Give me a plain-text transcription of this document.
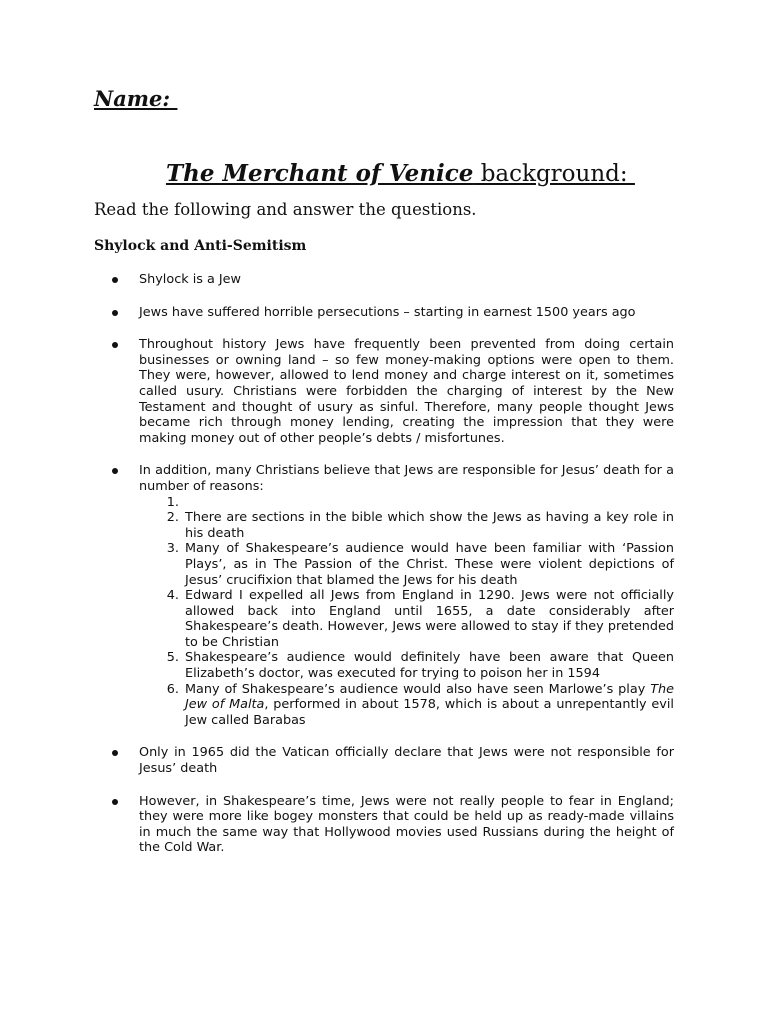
Name:
The Merchant of Venice background:
Read the following and answer the questions.
Shylock and Anti-Semitism
Shylock is a Jew
Jews have suffered horrible persecutions – starting in earnest 1500 years ago
Throughout history Jews have frequently been prevented from doing certain businesses or owning land – so few money-making options were open to them. They were, however, allowed to lend money and charge interest on it, sometimes called usury. Christians were forbidden the charging of interest by the New Testament and thought of usury as sinful. Therefore, many people thought Jews became rich through money lending, creating the impression that they were making money out of other people’s debts / misfortunes.
In addition, many Christians believe that Jews are responsible for Jesus’ death for a number of reasons:
1.
2. There are sections in the bible which show the Jews as having a key role in his death
3. Many of Shakespeare’s audience would have been familiar with ‘Passion Plays’, as in The Passion of the Christ. These were violent depictions of Jesus’ crucifixion that blamed the Jews for his death
4. Edward I expelled all Jews from England in 1290. Jews were not officially allowed back into England until 1655, a date considerably after Shakespeare’s death. However, Jews were allowed to stay if they pretended to be Christian
5. Shakespeare’s audience would definitely have been aware that Queen Elizabeth’s doctor, was executed for trying to poison her in 1594
6. Many of Shakespeare’s audience would also have seen Marlowe’s play The Jew of Malta, performed in about 1578, which is about a unrepentantly evil Jew called Barabas
Only in 1965 did the Vatican officially declare that Jews were not responsible for Jesus’ death
However, in Shakespeare’s time, Jews were not really people to fear in England; they were more like bogey monsters that could be held up as ready-made villains in much the same way that Hollywood movies used Russians during the height of the Cold War.
